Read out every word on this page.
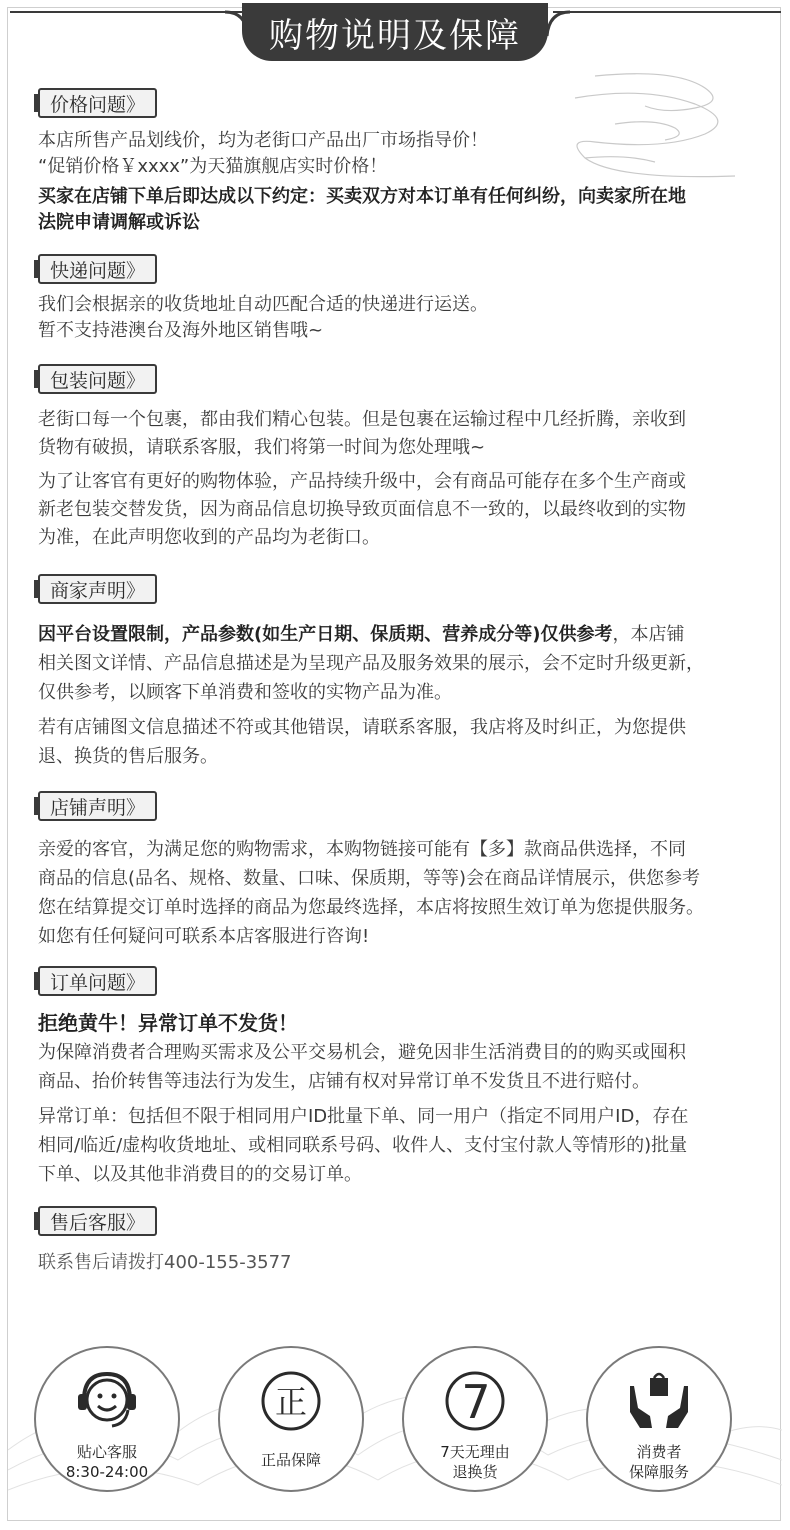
购物说明及保障
价格问题》

本店所售产品划线价，均为老街口产品出厂市场指导价！

“促销价格￥xxxx”为天猫旗舰店实时价格！

买家在店铺下单后即达成以下约定：买卖双方对本订单有任何纠纷，向卖家所在地

法院申请调解或诉讼

快递问题》

我们会根据亲的收货地址自动匹配合适的快递进行运送。

暂不支持港澳台及海外地区销售哦~

包装问题》

老街口每一个包裹，都由我们精心包装。但是包裹在运输过程中几经折腾，亲收到

货物有破损，请联系客服，我们将第一时间为您处理哦~

为了让客官有更好的购物体验，产品持续升级中，会有商品可能存在多个生产商或

新老包装交替发货，因为商品信息切换导致页面信息不一致的，以最终收到的实物

为准，在此声明您收到的产品均为老街口。

商家声明》

因平台设置限制，产品参数(如生产日期、保质期、营养成分等)仅供参考，本店铺

相关图文详情、产品信息描述是为呈现产品及服务效果的展示，会不定时升级更新，

仅供参考，以顾客下单消费和签收的实物产品为准。

若有店铺图文信息描述不符或其他错误，请联系客服，我店将及时纠正，为您提供

退、换货的售后服务。

店铺声明》

亲爱的客官，为满足您的购物需求，本购物链接可能有【多】款商品供选择，不同

商品的信息(品名、规格、数量、口味、保质期，等等)会在商品详情展示，供您参考

您在结算提交订单时选择的商品为您最终选择，本店将按照生效订单为您提供服务。

如您有任何疑问可联系本店客服进行咨询!

订单问题》

拒绝黄牛！异常订单不发货！

为保障消费者合理购买需求及公平交易机会，避免因非生活消费目的的购买或囤积

商品、抬价转售等违法行为发生，店铺有权对异常订单不发货且不进行赔付。

异常订单：包括但不限于相同用户ID批量下单、同一用户（指定不同用户ID，存在

相同/临近/虚构收货地址、或相同联系号码、收件人、支付宝付款人等情形的)批量

下单、以及其他非消费目的的交易订单。

售后客服》

联系售后请拨打400-155-3577

贴心客服
8:30-24:00
正
正品保障
7
7天无理由
退换货
消费者
保障服务
